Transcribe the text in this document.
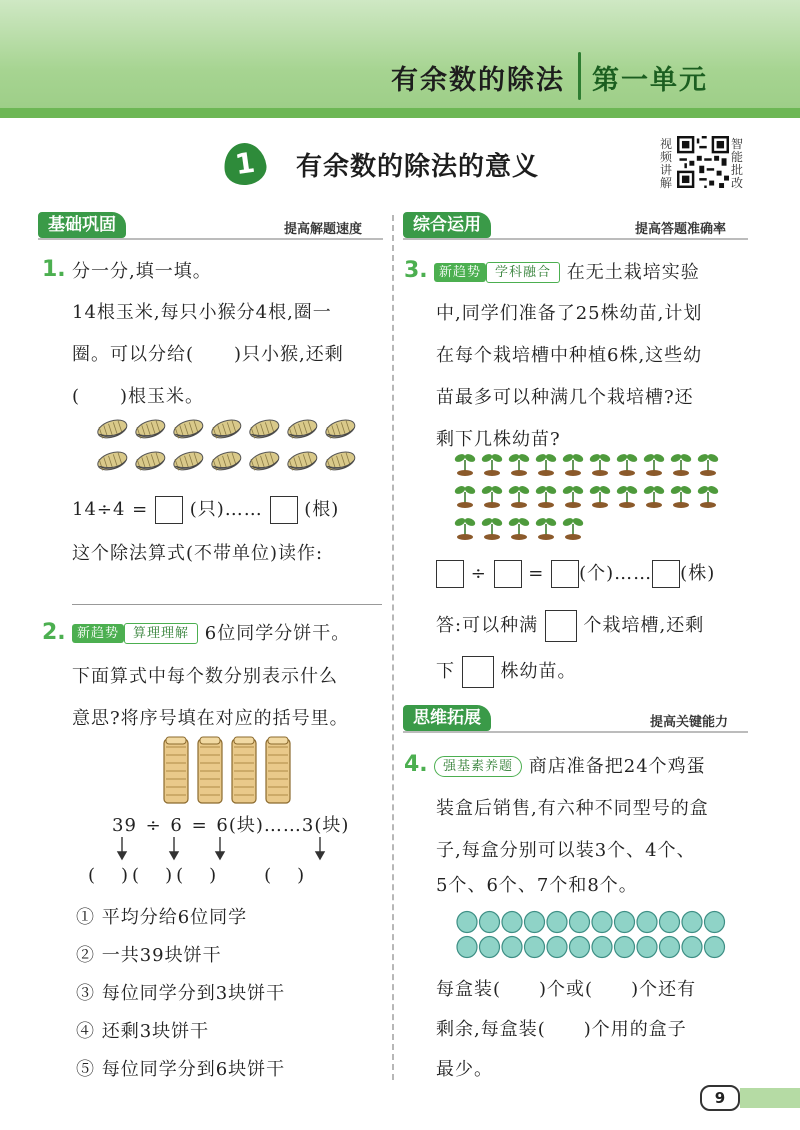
有余数的除法 第一单元
1	有余数的除法的意义
视频讲解
智能批改
基础巩固	提高解题速度	综合运用	提高答题准确率
1. 分一分,填一填。
14根玉米,每只小猴分4根,圈一
圈。可以分给( )只小猴,还剩
( )根玉米。
14÷4 = (只)…… (根)
这个除法算式(不带单位)读作:
2. 新趋势 算理理解 6位同学分饼干。
下面算式中每个数分别表示什么
意思?将序号填在对应的括号里。
39 ÷ 6 = 6(块)……3(块)
(　)(　)(　)　　(　)
① 平均分给6位同学
② 一共39块饼干
③ 每位同学分到3块饼干
④ 还剩3块饼干
⑤ 每位同学分到6块饼干
3. 新趋势 学科融合 在无土栽培实验
中,同学们准备了25株幼苗,计划
在每个栽培槽中种植6株,这些幼
苗最多可以种满几个栽培槽?还
剩下几株幼苗?
÷ = (个)…… (株)
答:可以种满	个栽培槽,还剩
下	株幼苗。
思维拓展	提高关键能力
4.	强基素养题 商店准备把24个鸡蛋
装盒后销售,有六种不同型号的盒
子,每盒分别可以装3个、4个、
5个、6个、7个和8个。
每盒装(　　)个或(　　)个还有
剩余,每盒装(　　)个用的盒子
最少。
9
